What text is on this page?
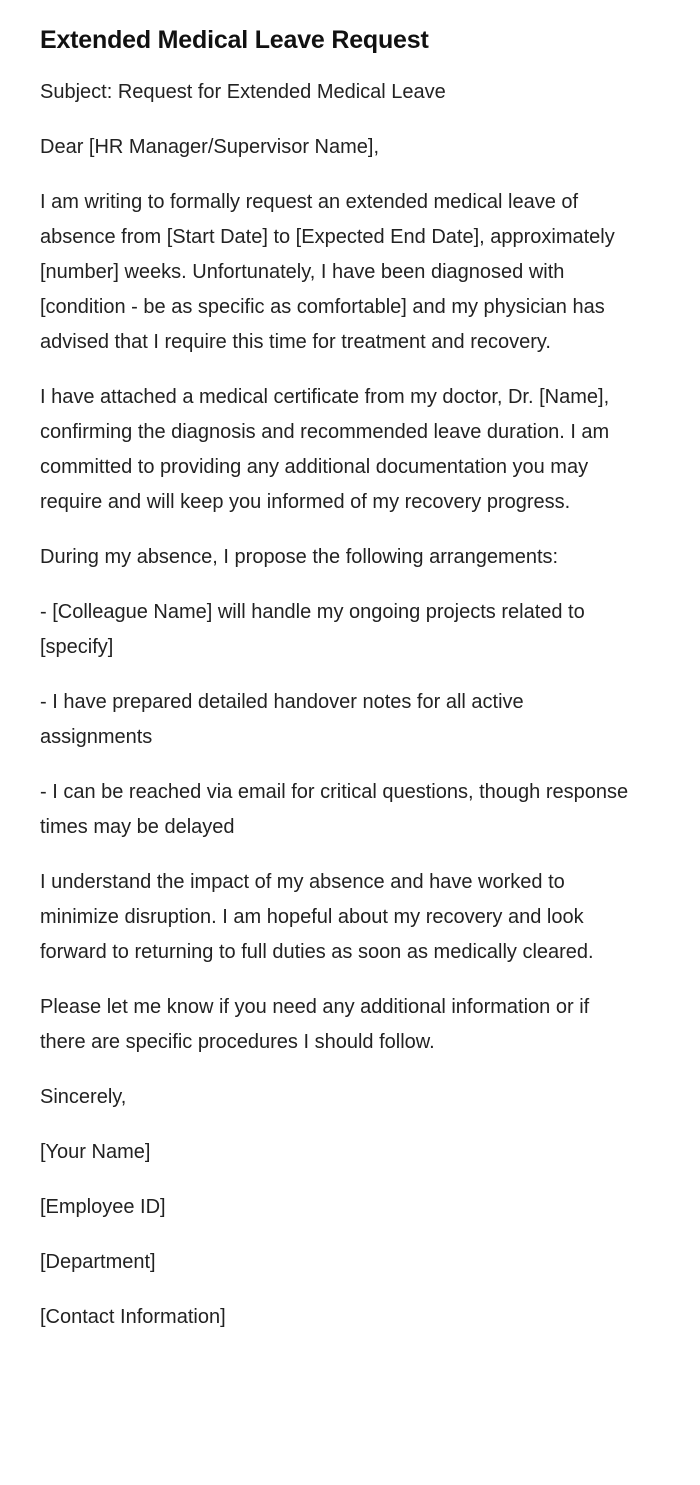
Extended Medical Leave Request

Subject: Request for Extended Medical Leave

Dear [HR Manager/Supervisor Name],

I am writing to formally request an extended medical leave of absence from [Start Date] to [Expected End Date], approximately [number] weeks. Unfortunately, I have been diagnosed with [condition - be as specific as comfortable] and my physician has advised that I require this time for treatment and recovery.

I have attached a medical certificate from my doctor, Dr. [Name], confirming the diagnosis and recommended leave duration. I am committed to providing any additional documentation you may require and will keep you informed of my recovery progress.

During my absence, I propose the following arrangements:

- [Colleague Name] will handle my ongoing projects related to [specify]

- I have prepared detailed handover notes for all active assignments

- I can be reached via email for critical questions, though response times may be delayed

I understand the impact of my absence and have worked to minimize disruption. I am hopeful about my recovery and look forward to returning to full duties as soon as medically cleared.

Please let me know if you need any additional information or if there are specific procedures I should follow.

Sincerely,

[Your Name]

[Employee ID]

[Department]

[Contact Information]
